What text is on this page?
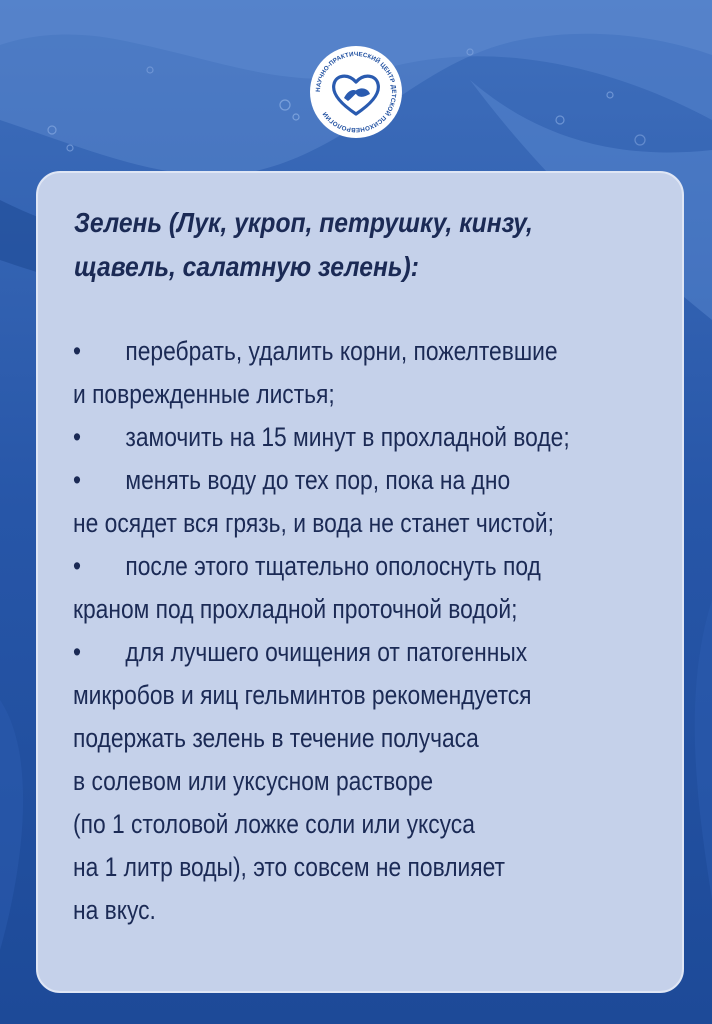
НАУЧНО-ПРАКТИЧЕСКИЙ ЦЕНТР ДЕТСКОЙ ПСИХОНЕВРОЛОГИИ
Зелень (Лук, укроп, петрушку, кинзу,
щавель, салатную зелень):
• перебрать, удалить корни, пожелтевшие
и поврежденные листья;
• замочить на 15 минут в прохладной воде;
• менять воду до тех пор, пока на дно
не осядет вся грязь, и вода не станет чистой;
• после этого тщательно ополоснуть под
краном под прохладной проточной водой;
• для лучшего очищения от патогенных
микробов и яиц гельминтов рекомендуется
подержать зелень в течение получаса
в солевом или уксусном растворе
(по 1 столовой ложке соли или уксуса
на 1 литр воды), это совсем не повлияет
на вкус.
